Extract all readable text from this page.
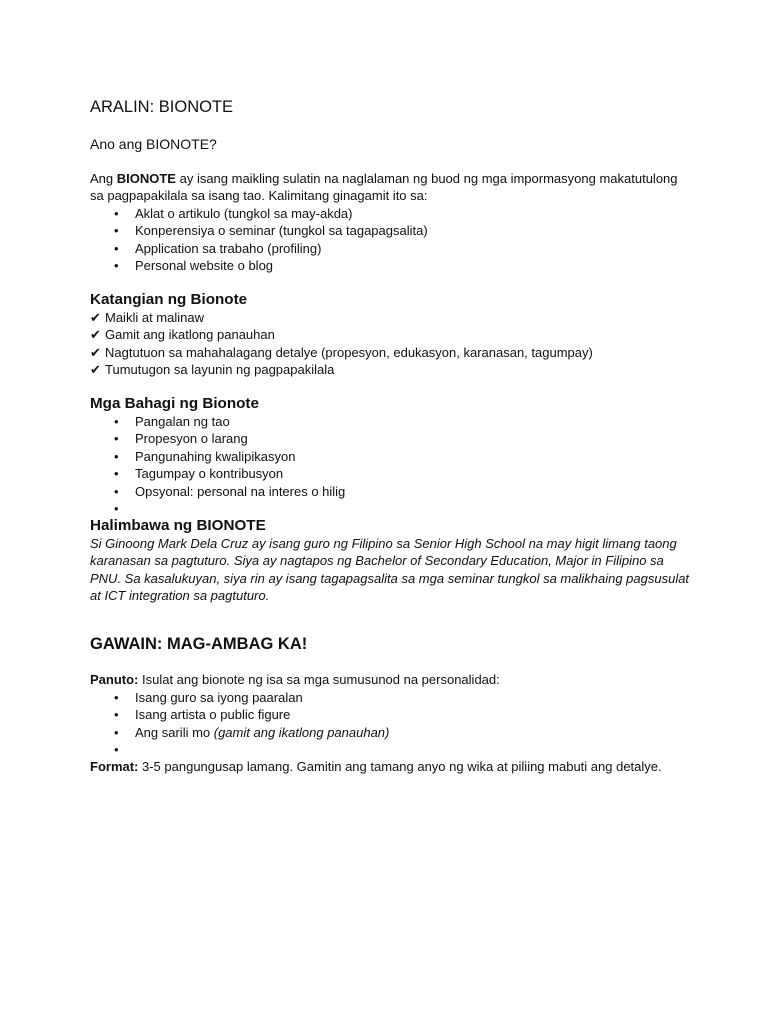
ARALIN: BIONOTE
Ano ang BIONOTE?

Ang BIONOTE ay isang maikling sulatin na naglalaman ng buod ng mga impormasyong makatutulong sa pagpapakilala sa isang tao. Kalimitang ginagamit ito sa:

• Aklat o artikulo (tungkol sa may-akda)
• Konperensiya o seminar (tungkol sa tagapagsalita)
• Application sa trabaho (profiling)
• Personal website o blog
Katangian ng Bionote
✔ Maikli at malinaw
✔ Gamit ang ikatlong panauhan
✔ Nagtutuon sa mahahalagang detalye (propesyon, edukasyon, karanasan, tagumpay)
✔ Tumutugon sa layunin ng pagpapakilala
Mga Bahagi ng Bionote
• Pangalan ng tao
• Propesyon o larang
• Pangunahing kwalipikasyon
• Tagumpay o kontribusyon
• Opsyonal: personal na interes o hilig
•
Halimbawa ng BIONOTE

Si Ginoong Mark Dela Cruz ay isang guro ng Filipino sa Senior High School na may higit limang taong karanasan sa pagtuturo. Siya ay nagtapos ng Bachelor of Secondary Education, Major in Filipino sa PNU. Sa kasalukuyan, siya rin ay isang tagapagsalita sa mga seminar tungkol sa malikhaing pagsusulat at ICT integration sa pagtuturo.

GAWAIN: MAG-AMBAG KA!

Panuto: Isulat ang bionote ng isa sa mga sumusunod na personalidad:

• Isang guro sa iyong paaralan
• Isang artista o public figure
• Ang sarili mo (gamit ang ikatlong panauhan)
•

Format: 3-5 pangungusap lamang. Gamitin ang tamang anyo ng wika at piliing mabuti ang detalye.
